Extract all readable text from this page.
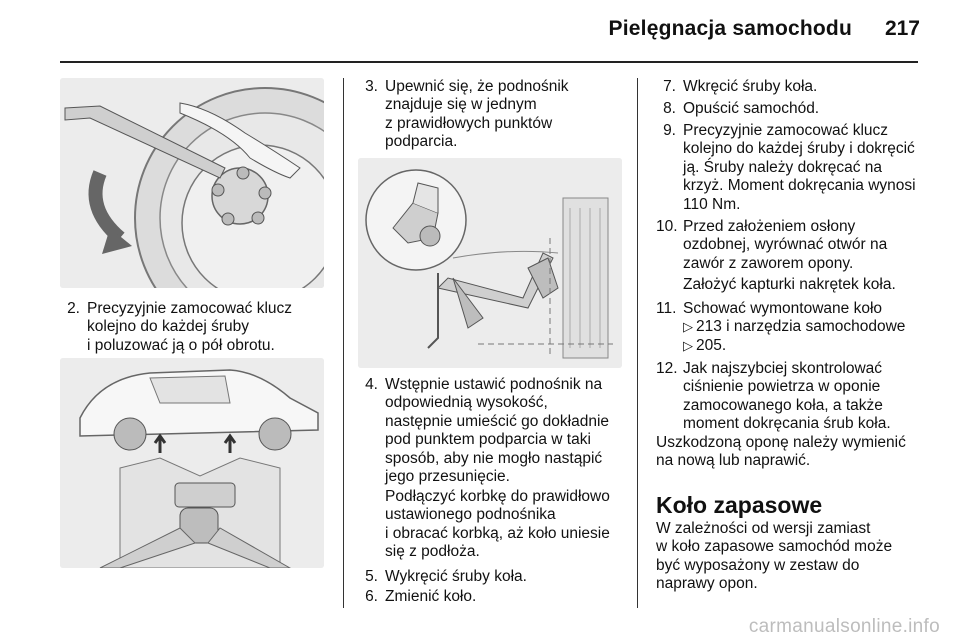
Pielęgnacja samochodu 217
2. Precyzyjnie zamocować klucz
kolejno do każdej śruby
i poluzować ją o pół obrotu.
3. Upewnić się, że podnośnik
znajduje się w jednym
z prawidłowych punktów
podparcia.
4. Wstępnie ustawić podnośnik na
odpowiednią wysokość,
następnie umieścić go dokładnie
pod punktem podparcia w taki
sposób, aby nie mogło nastąpić
jego przesunięcie.
Podłączyć korbkę do prawidłowo
ustawionego podnośnika
i obracać korbką, aż koło uniesie
się z podłoża.
5. Wykręcić śruby koła.
6. Zmienić koło.
7. Wkręcić śruby koła.
8. Opuścić samochód.
9. Precyzyjnie zamocować klucz
kolejno do każdej śruby i dokręcić
ją. Śruby należy dokręcać na
krzyż. Moment dokręcania wynosi
110 Nm.
10. Przed założeniem osłony
ozdobnej, wyrównać otwór na
zawór z zaworem opony.
Założyć kapturki nakrętek koła.
11. Schować wymontowane koło
▷ 213 i narzędzia samochodowe
▷ 205.
12. Jak najszybciej skontrolować
ciśnienie powietrza w oponie
zamocowanego koła, a także
moment dokręcania śrub koła.
Uszkodzoną oponę należy wymienić
na nową lub naprawić.
Koło zapasowe
W zależności od wersji zamiast
w koło zapasowe samochód może
być wyposażony w zestaw do
naprawy opon.
carmanualsonline.info
